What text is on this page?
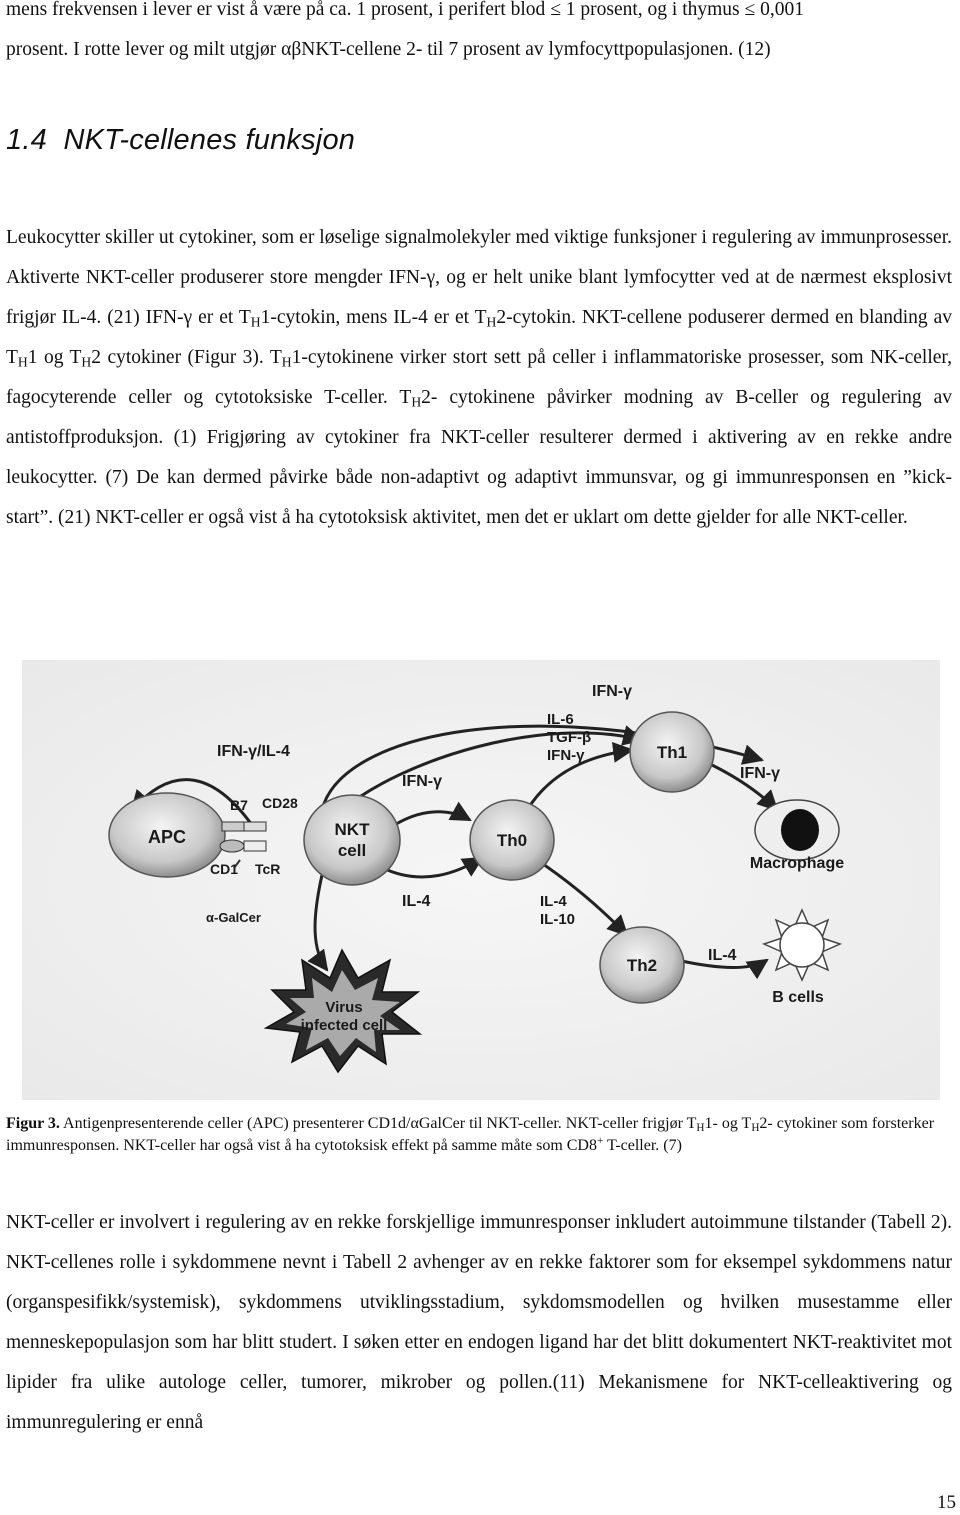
mens frekvensen i lever er vist å være på ca. 1 prosent, i perifert blod ≤ 1 prosent, og i thymus ≤ 0,001

prosent. I rotte lever og milt utgjør αβNKT-cellene 2- til 7 prosent av lymfocyttpopulasjonen. (12)

1.4 NKT-cellenes funksjon

Leukocytter skiller ut cytokiner, som er løselige signalmolekyler med viktige funksjoner i regulering av immunprosesser. Aktiverte NKT-celler produserer store mengder IFN-γ, og er helt unike blant lymfocytter ved at de nærmest eksplosivt frigjør IL-4. (21) IFN-γ er et $T_H1$-cytokin, mens IL-4 er et $T_H2$-cytokin. NKT-cellene poduserer dermed en blanding av $T_H1$ og $T_H2$ cytokiner (Figur 3). $T_H1$-cytokinene virker stort sett på celler i inflammatoriske prosesser, som NK-celler, fagocyterende celler og cytotoksiske T-celler. $T_H2-$ cytokinene påvirker modning av B-celler og regulering av antistoffproduksjon. (1) Frigjøring av cytokiner fra NKT-celler resulterer dermed i aktivering av en rekke andre leukocytter. (7) De kan dermed påvirke både non-adaptivt og adaptivt immunsvar, og gi immunresponsen en ”kick-start”. (21) NKT-celler er også vist å ha cytotoksisk aktivitet, men det er uklart om dette gjelder for alle NKT-celler.

APC
B7 CD28
CD1 TcR
α-GalCer
NKT
cell
IFN-γ/IL-4
IFN-γ
IFN-γ
IL-4
Th0
IL-6
TGF-β
IFN-γ	Th1
IFN-γ
Macrophage
IL-4
IL-10
Th2
IL-4
B cells
Virus
infected cell
Figur 3. Antigenpresenterende celler (APC) presenterer CD1d/αGalCer til NKT-celler. NKT-celler frigjør $T_H1-$ og $T_H2-$ cytokiner som forsterker immunresponsen. NKT-celler har også vist å ha cytotoksisk effekt på samme måte som CD8+ T-celler. (7)

NKT-celler er involvert i regulering av en rekke forskjellige immunresponser inkludert autoimmune tilstander (Tabell 2). NKT-cellenes rolle i sykdommene nevnt i Tabell 2 avhenger av en rekke faktorer som for eksempel sykdommens natur (organspesifikk/systemisk), sykdommens utviklingsstadium, sykdomsmodellen og hvilken musestamme eller menneskepopulasjon som har blitt studert. I søken etter en endogen ligand har det blitt dokumentert NKT-reaktivitet mot lipider fra ulike autologe celler, tumorer, mikrober og pollen.(11) Mekanismene for NKT-celleaktivering og immunregulering er ennå

15
